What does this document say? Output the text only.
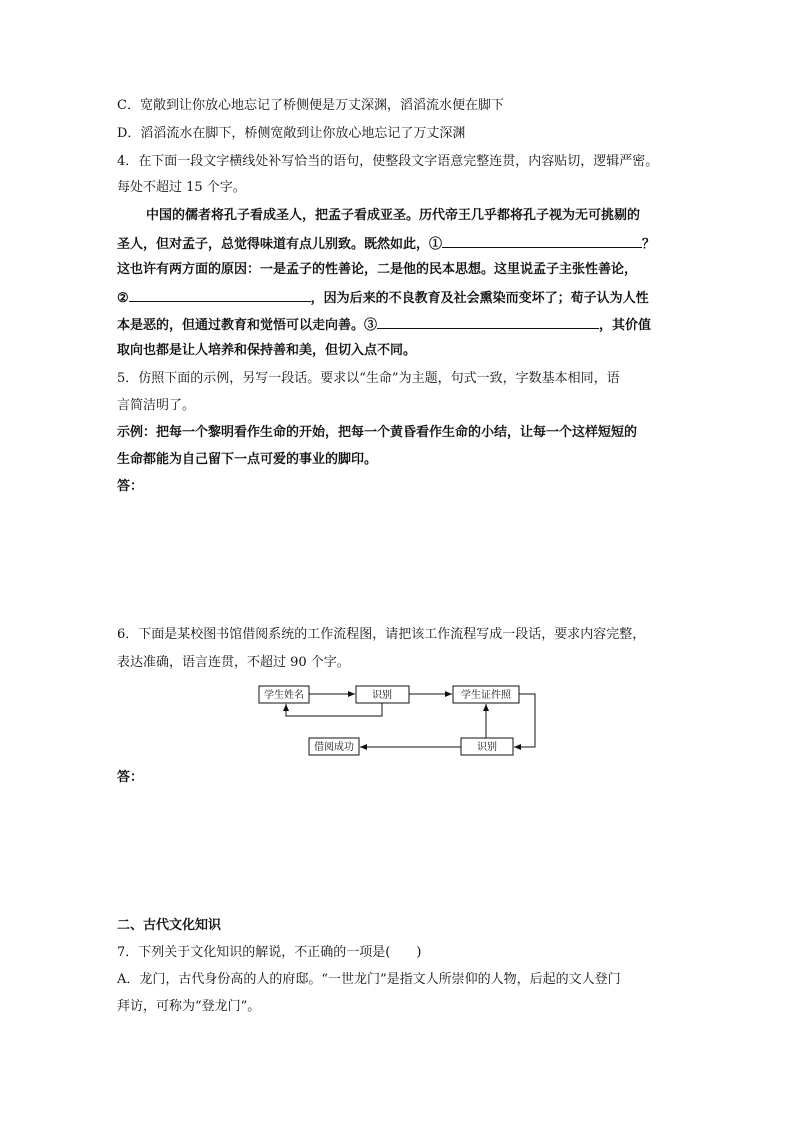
C．宽敞到让你放心地忘记了桥侧便是万丈深渊，滔滔流水便在脚下
D．滔滔流水在脚下，桥侧宽敞到让你放心地忘记了万丈深渊
4．在下面一段文字横线处补写恰当的语句，使整段文字语意完整连贯，内容贴切，逻辑严密。
每处不超过 15 个字。
中国的儒者将孔子看成圣人，把孟子看成亚圣。历代帝王几乎都将孔子视为无可挑剔的
圣人，但对孟子，总觉得味道有点儿别致。既然如此，①	？
这也许有两方面的原因：一是孟子的性善论，二是他的民本思想。这里说孟子主张性善论，
②	，因为后来的不良教育及社会熏染而变坏了；荀子认为人性
本是恶的，但通过教育和觉悟可以走向善。③	，其价值
取向也都是让人培养和保持善和美，但切入点不同。
5．仿照下面的示例，另写一段话。要求以“生命”为主题，句式一致，字数基本相同，语
言简洁明了。
示例：把每一个黎明看作生命的开始，把每一个黄昏看作生命的小结，让每一个这样短短的
生命都能为自己留下一点可爱的事业的脚印。
答：
6．下面是某校图书馆借阅系统的工作流程图，请把该工作流程写成一段话，要求内容完整，
表达准确，语言连贯，不超过 90 个字。
学生姓名	识别	学生证件照
识别
借阅成功
答：
二、古代文化知识
7．下列关于文化知识的解说，不正确的一项是(　　)
A．龙门，古代身份高的人的府邸。“一世龙门”是指文人所崇仰的人物，后起的文人登门
拜访，可称为“登龙门”。
